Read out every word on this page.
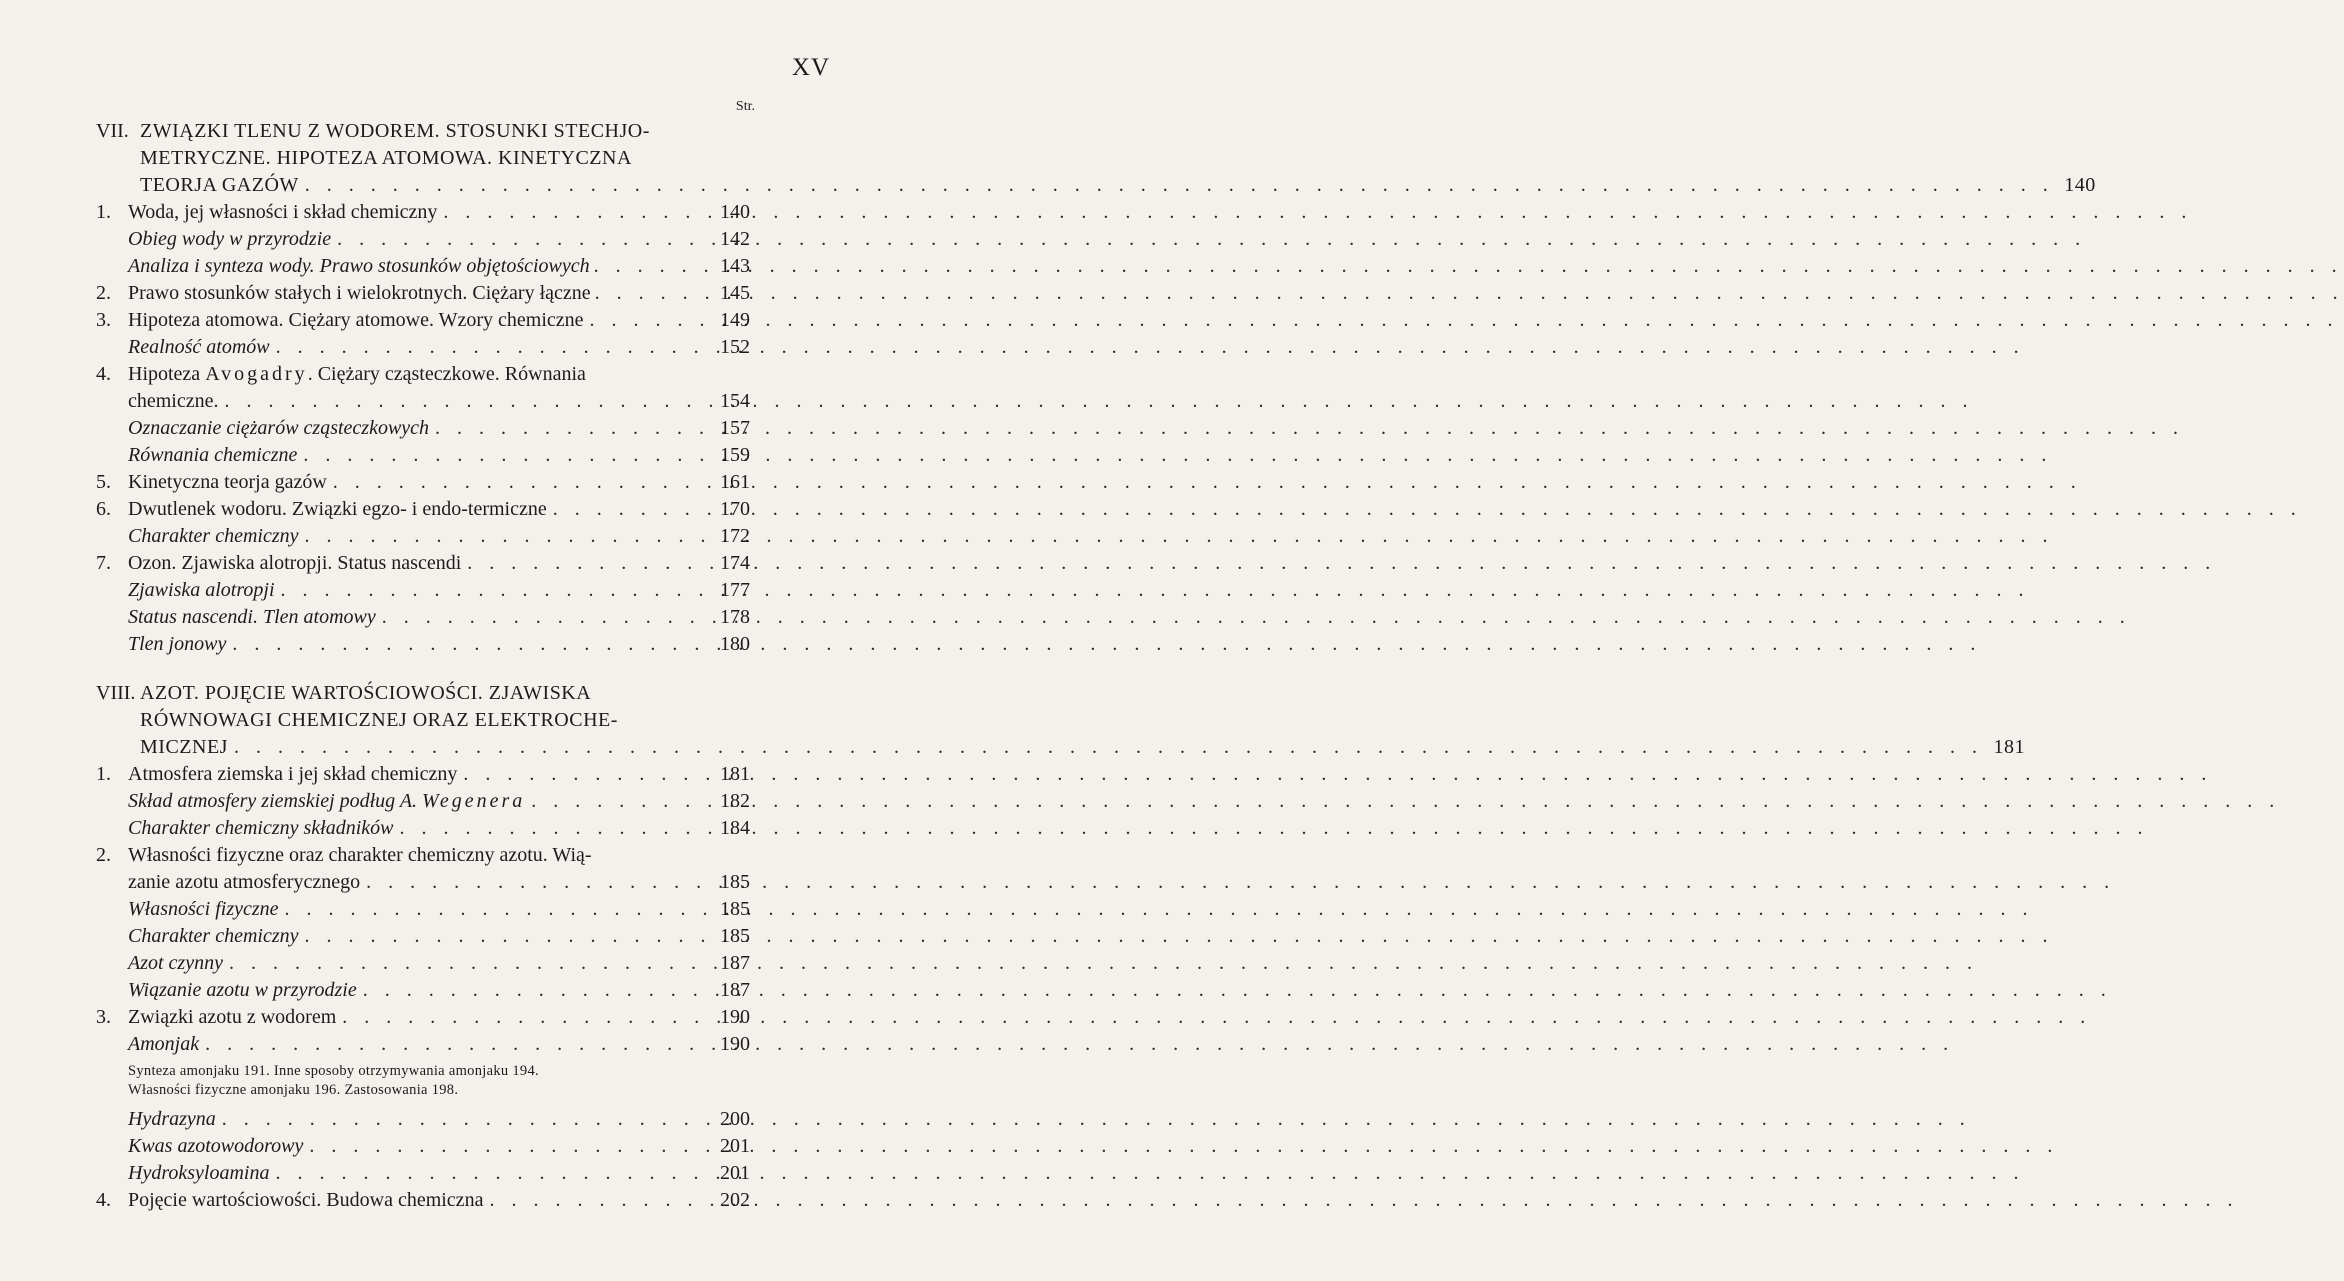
XV
Str.
VII. ZWIĄZKI TLENU Z WODOREM. STOSUNKI STECHJO-
METRYCZNE. HIPOTEZA ATOMOWA. KINETYCZNA
TEORJA GAZÓW . . .	140
1. Woda, jej własności i skład chemiczny . . .	140
Obieg wody w przyrodzie . . .	142
Analiza i synteza wody. Prawo stosunków objętościowych . . .	143
2. Prawo stosunków stałych i wielokrotnych. Ciężary łączne . . .	145
3. Hipoteza atomowa. Ciężary atomowe. Wzory chemiczne . . .	149
Realność atomów . . .	152
4. Hipoteza Avogadry. Ciężary cząsteczkowe. Równania
chemiczne. . . .	154
Oznaczanie ciężarów cząsteczkowych . . .	157
Równania chemiczne . . .	159
5. Kinetyczna teorja gazów . . .	161
6. Dwutlenek wodoru. Związki egzo- i endo-termiczne . . .	170
Charakter chemiczny . . .	172
7. Ozon. Zjawiska alotropji. Status nascendi . . .	174
Zjawiska alotropji . . .	177
Status nascendi. Tlen atomowy . . .	178
Tlen jonowy . . .	180
VIII. AZOT. POJĘCIE WARTOŚCIOWOŚCI. ZJAWISKA
RÓWNOWAGI CHEMICZNEJ ORAZ ELEKTROCHE-
MICZNEJ . . .	181
1. Atmosfera ziemska i jej skład chemiczny . . .	181
Skład atmosfery ziemskiej podług A. Wegenera . . .	182
Charakter chemiczny składników . . .	184
2. Własności fizyczne oraz charakter chemiczny azotu. Wią-
zanie azotu atmosferycznego . . .	185
Własności fizyczne . . .	185
Charakter chemiczny . . .	185
Azot czynny . . .	187
Wiązanie azotu w przyrodzie . . .	187
3. Związki azotu z wodorem . . .	190
Amonjak . . .	190
Synteza amonjaku 191. Inne sposoby otrzymywania amonjaku 194.
Własności fizyczne amonjaku 196. Zastosowania 198.
Hydrazyna . . .	200
Kwas azotowodorowy . . .	201
Hydroksyloamina . . .	201
4. Pojęcie wartościowości. Budowa chemiczna . . .	202
